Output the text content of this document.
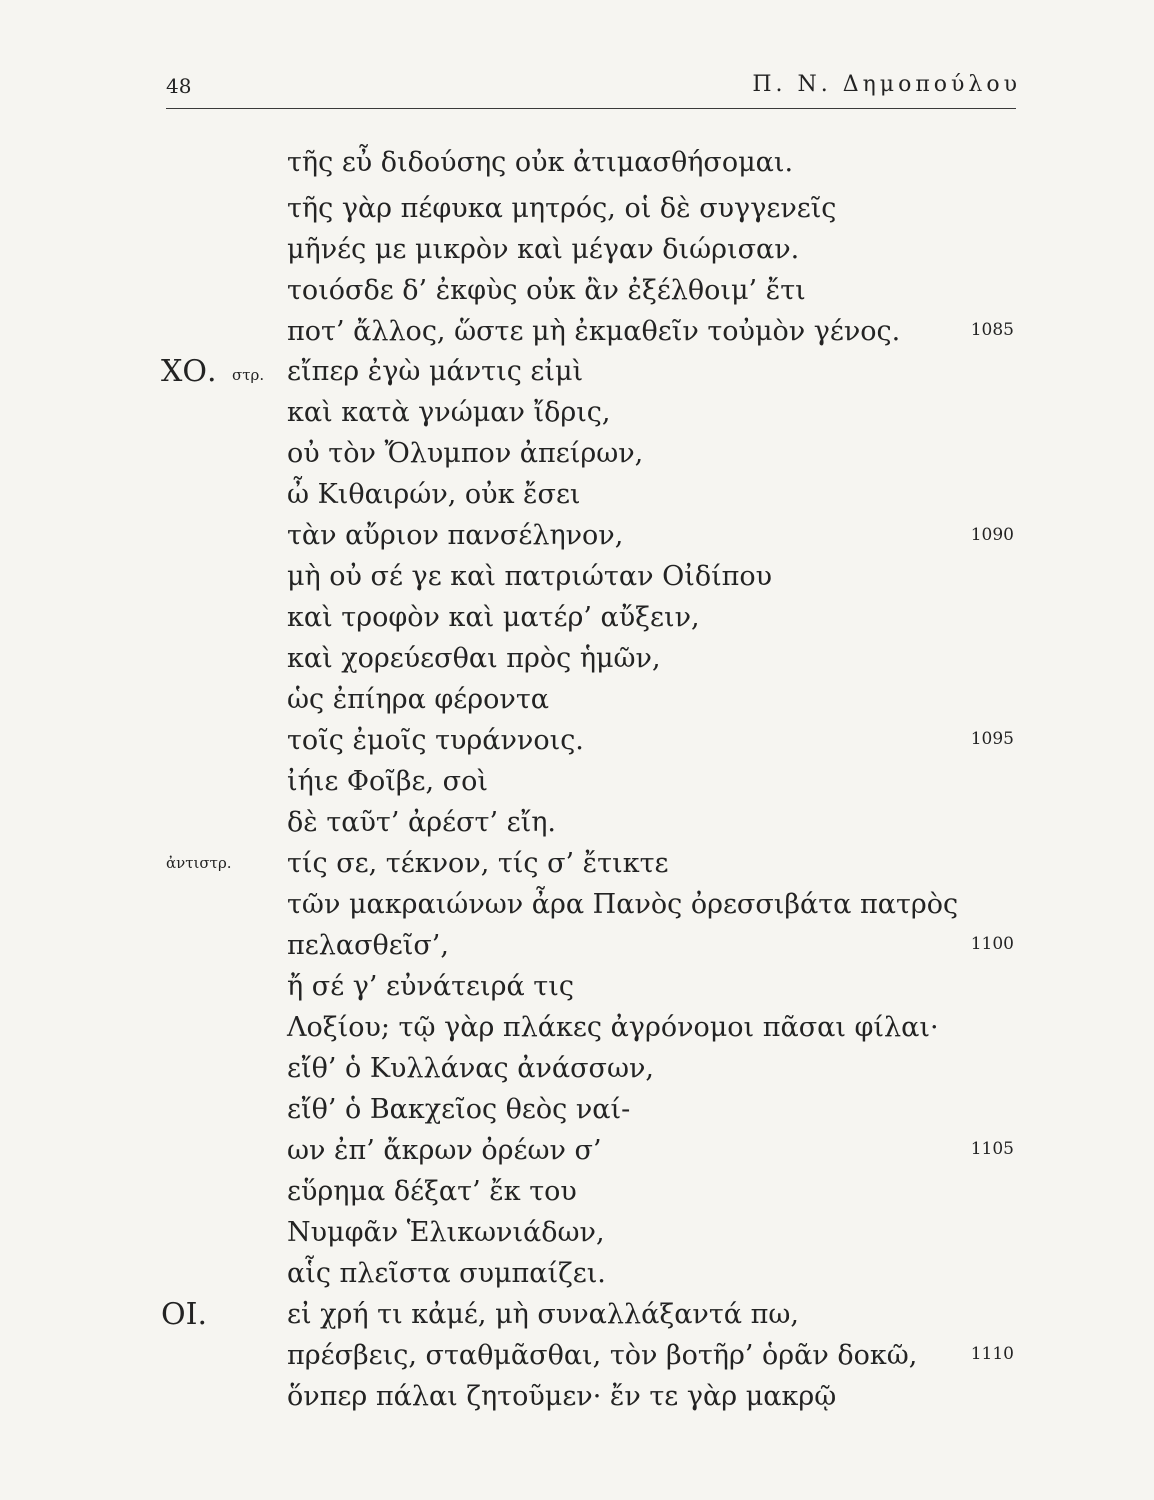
48	Π. Ν. Δημοπούλου
τῆς εὖ διδούσης οὐκ ἀτιμασθήσομαι.
τῆς γὰρ πέφυκα μητρός, οἱ δὲ συγγενεῖς
μῆνές με μικρὸν καὶ μέγαν διώρισαν.
τοιόσδε δ’ ἐκφὺς οὐκ ἂν ἐξέλθοιμ’ ἔτι
ποτ’ ἄλλος, ὥστε μὴ ἐκμαθεῖν τοὐμὸν γένος.	1085
ΧΟ. στρ. εἴπερ ἐγὼ μάντις εἰμὶ
καὶ κατὰ γνώμαν ἴδρις,
οὐ τὸν Ὄλυμπον ἀπείρων,
ὦ Κιθαιρών, οὐκ ἔσει
τὰν αὔριον πανσέληνον,	1090
μὴ οὐ σέ γε καὶ πατριώταν Οἰδίπου
καὶ τροφὸν καὶ ματέρ’ αὔξειν,
καὶ χορεύεσθαι πρὸς ἡμῶν,
ὡς ἐπίηρα φέροντα
τοῖς ἐμοῖς τυράννοις.	1095
ἰήιε Φοῖβε, σοὶ
δὲ ταῦτ’ ἀρέστ’ εἴη.
ἀντιστρ. τίς σε, τέκνον, τίς σ’ ἔτικτε
τῶν μακραιώνων ἆρα Πανὸς ὀρεσσιβάτα πατρὸς
πελασθεῖσ’,	1100
ἤ σέ γ’ εὐνάτειρά τις
Λοξίου; τῷ γὰρ πλάκες ἀγρόνομοι πᾶσαι φίλαι·
εἴθ’ ὁ Κυλλάνας ἀνάσσων,
εἴθ’ ὁ Βακχεῖος θεὸς ναί-
ων ἐπ’ ἄκρων ὀρέων σ’	1105
εὕρημα δέξατ’ ἔκ του
Νυμφᾶν Ἑλικωνιάδων,
αἷς πλεῖστα συμπαίζει.
ΟΙ.	εἰ χρή τι κἀμέ, μὴ συναλλάξαντά πω,
πρέσβεις, σταθμᾶσθαι, τὸν βοτῆρ’ ὁρᾶν δοκῶ,	1110
ὅνπερ πάλαι ζητοῦμεν· ἔν τε γὰρ μακρῷ
